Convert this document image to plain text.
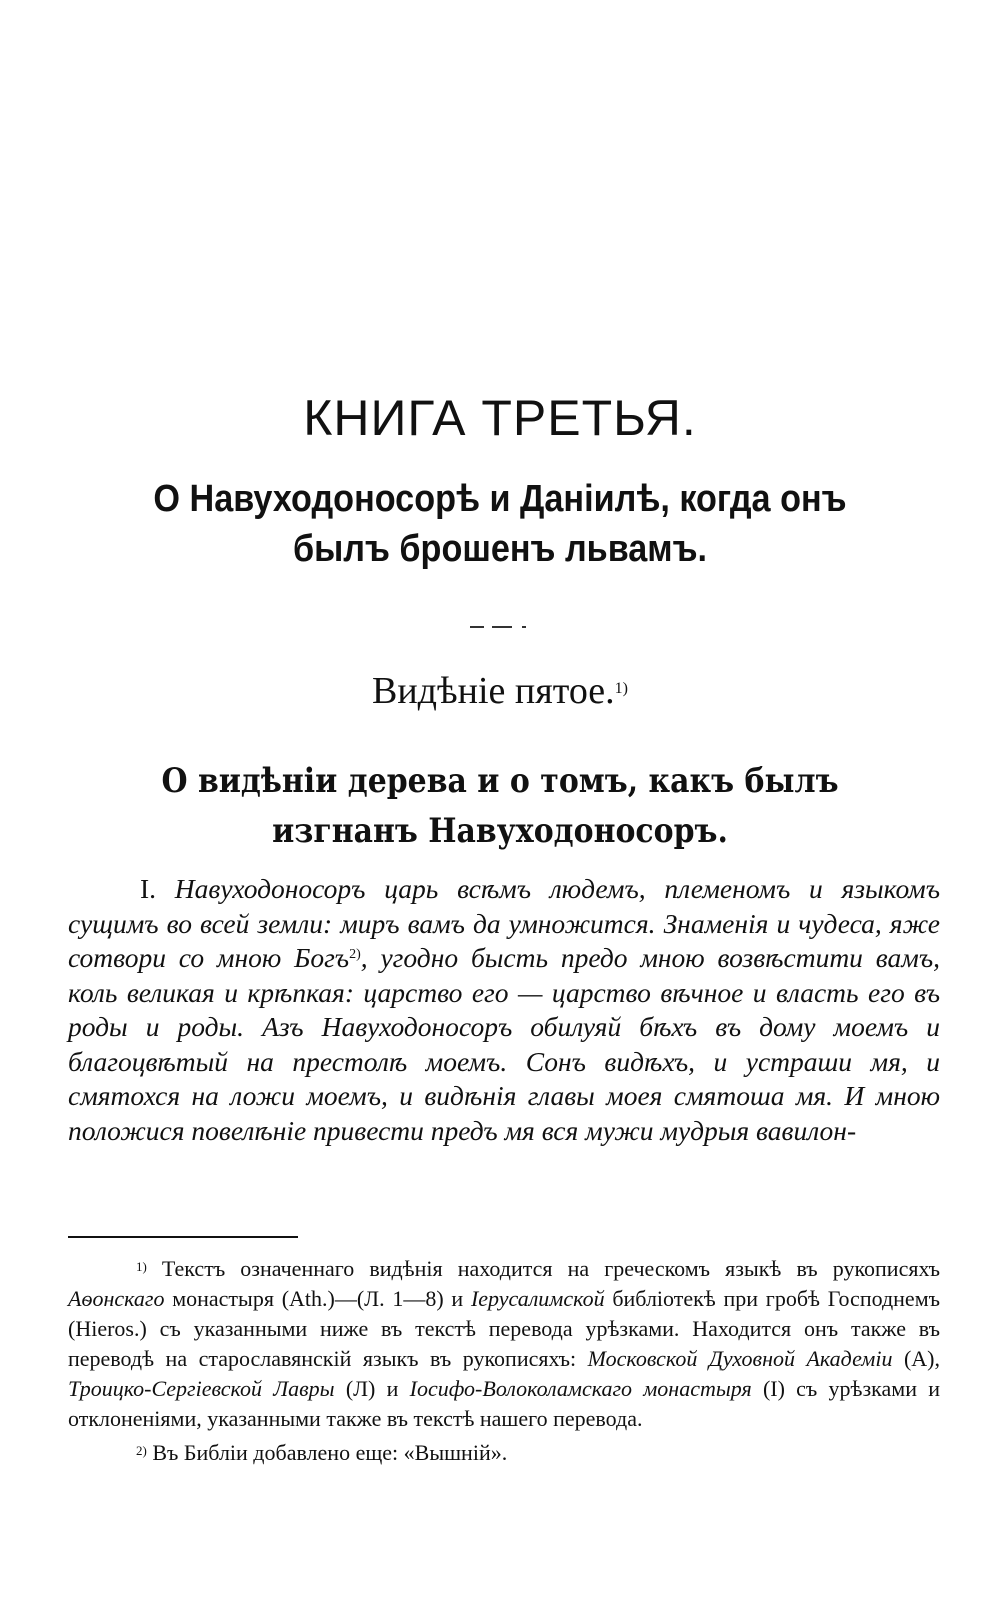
КНИГА ТРЕТЬЯ.
О Навуходоносорѣ и Даніилѣ, когда онъ былъ брошенъ львамъ.
Видѣніе пятое.$^{1)}$
О видѣніи дерева и о томъ, какъ былъ изгнанъ Навуходоносоръ.

I. Навуходоносоръ царь всѣмъ людемъ, племеномъ и языкомъ сущимъ во всей земли: миръ вамъ да умножится. Знаменія и чудеса, яже сотвори со мною Богъ$^{2)}$, угодно бысть предо мною возвѣстити вамъ, коль великая и крѣпкая: царство его — царство вѣчное и власть его въ роды и роды. Азъ Навуходоносоръ обилуяй бѣхъ въ дому моемъ и благоцвѣтый на престолѣ моемъ. Сонъ видѣхъ, и устраши мя, и смятохся на ложи моемъ, и видѣнія главы моея смятоша мя. И мною положися повелѣніе привести предъ мя вся мужи мудрыя вавилон-

$^{1)}$ Текстъ означеннаго видѣнія находится на греческомъ языкѣ въ рукописяхъ Аѳонскаго монастыря (Ath.)—(Л. 1—8) и Іерусалимской библіотекѣ при гробѣ Господнемъ (Hieros.) съ указанными ниже въ текстѣ перевода урѣзками. Находится онъ также въ переводѣ на старославянскій языкъ въ рукописяхъ: Московской Духовной Академіи (А), Троицко-Сергіевской Лавры (Л) и Іосифо-Волоколамскаго монастыря (I) съ урѣзками и отклоненіями, указанными также въ текстѣ нашего перевода.

$^{2)}$ Въ Библіи добавлено еще: «Вышній».
